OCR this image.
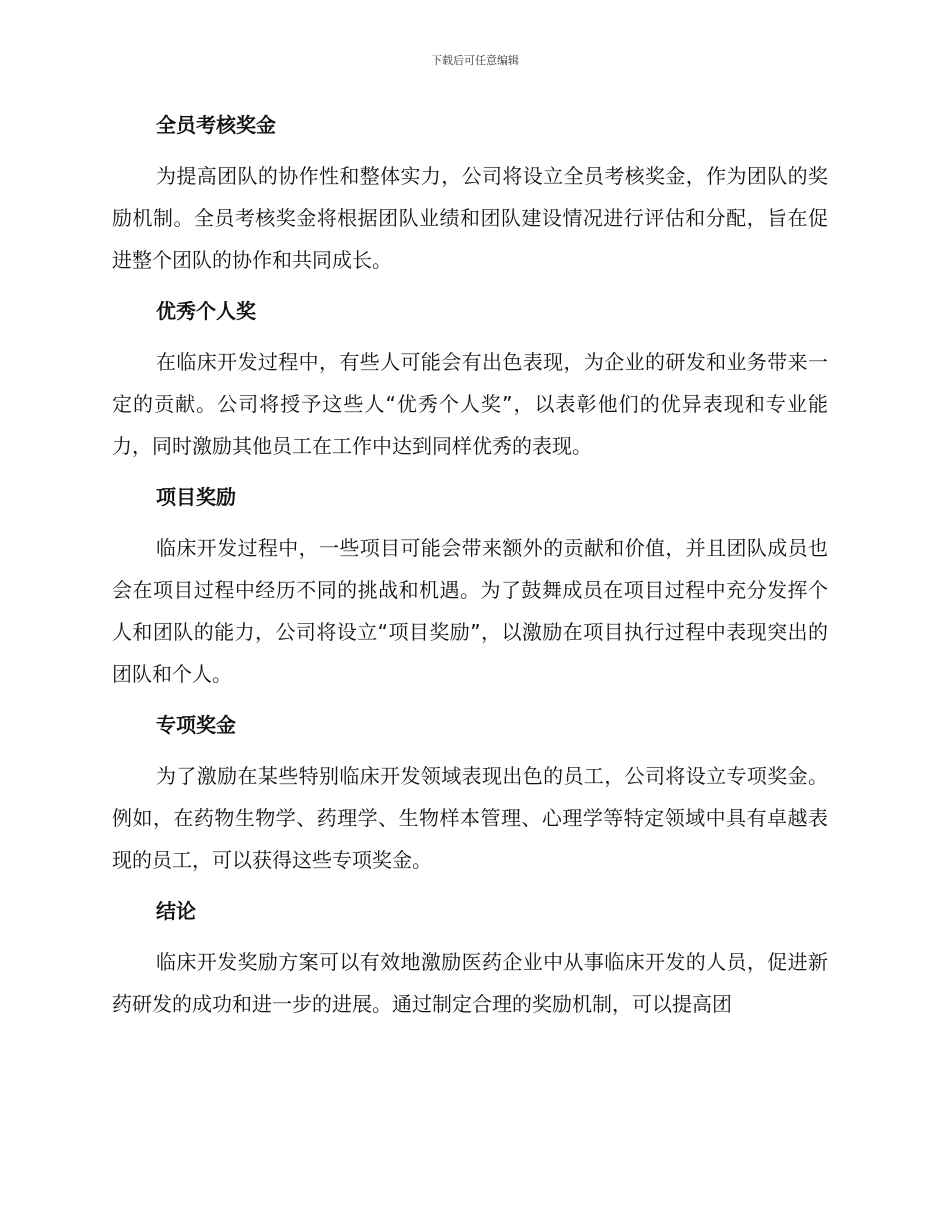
下载后可任意编辑
全员考核奖金

为提高团队的协作性和整体实力，公司将设立全员考核奖金，作为团队的奖励机制。全员考核奖金将根据团队业绩和团队建设情况进行评估和分配，旨在促进整个团队的协作和共同成长。

优秀个人奖

在临床开发过程中，有些人可能会有出色表现，为企业的研发和业务带来一定的贡献。公司将授予这些人“优秀个人奖”，以表彰他们的优异表现和专业能力，同时激励其他员工在工作中达到同样优秀的表现。

项目奖励

临床开发过程中，一些项目可能会带来额外的贡献和价值，并且团队成员也会在项目过程中经历不同的挑战和机遇。为了鼓舞成员在项目过程中充分发挥个人和团队的能力，公司将设立“项目奖励”，以激励在项目执行过程中表现突出的团队和个人。

专项奖金

为了激励在某些特别临床开发领域表现出色的员工，公司将设立专项奖金。例如，在药物生物学、药理学、生物样本管理、心理学等特定领域中具有卓越表现的员工，可以获得这些专项奖金。

结论

临床开发奖励方案可以有效地激励医药企业中从事临床开发的人员，促进新药研发的成功和进一步的进展。通过制定合理的奖励机制，可以提高团
